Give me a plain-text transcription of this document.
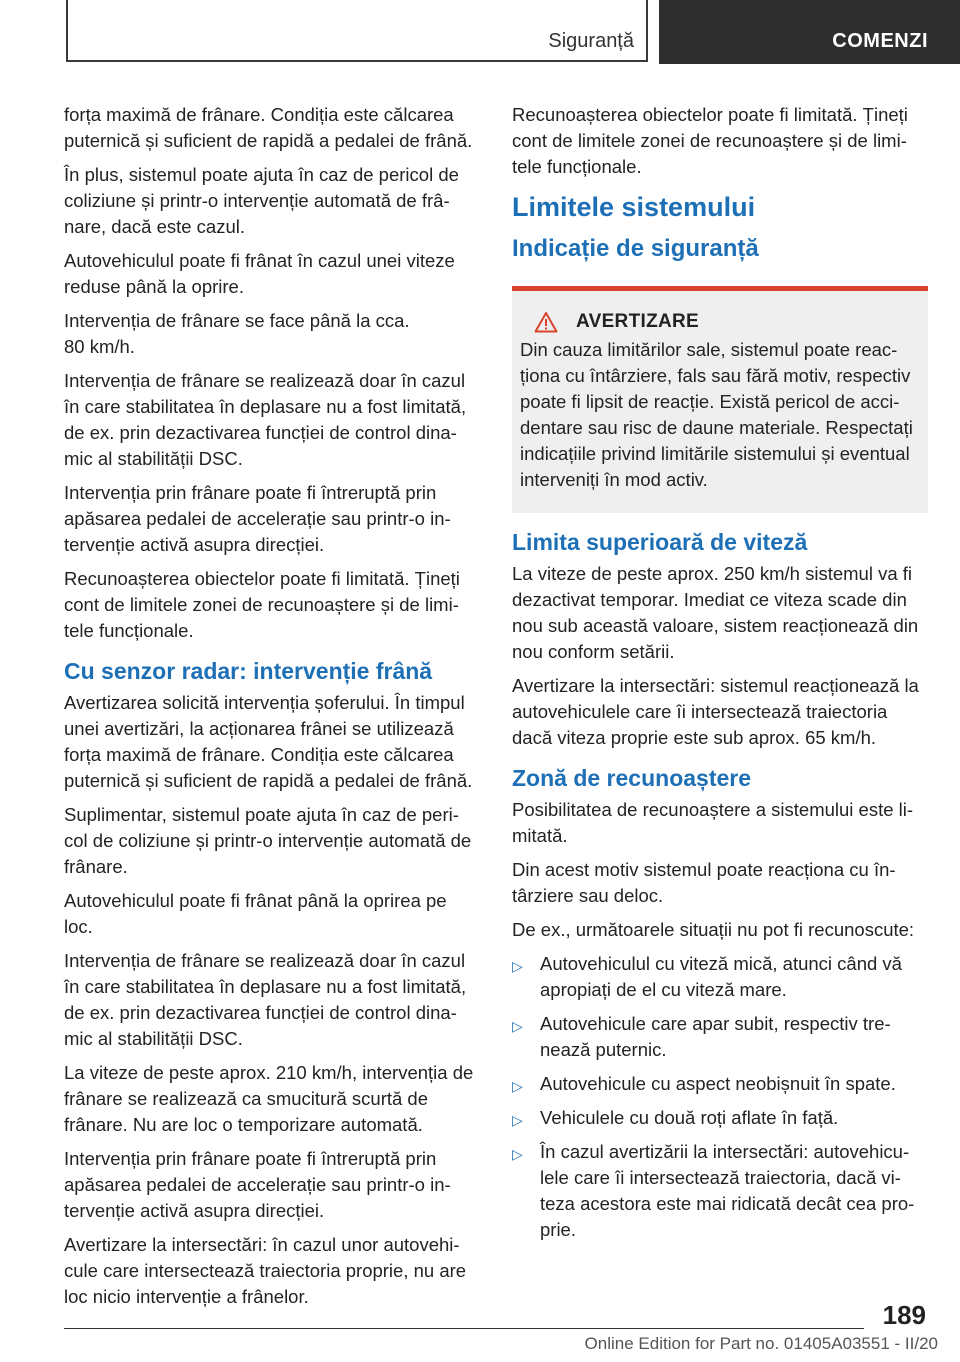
Siguranță	COMENZI

forța maximă de frânare. Condiția este călcarea puternică și suficient de rapidă a pedalei de frână.

În plus, sistemul poate ajuta în caz de pericol de coliziune și printr-o intervenție automată de frâ-nare, dacă este cazul.

Autovehiculul poate fi frânat în cazul unei viteze reduse până la oprire.

Intervenția de frânare se face până la cca.
80 km/h.

Intervenția de frânare se realizează doar în cazul în care stabilitatea în deplasare nu a fost limitată, de ex. prin dezactivarea funcției de control dina-mic al stabilității DSC.

Intervenția prin frânare poate fi întreruptă prin apăsarea pedalei de accelerație sau printr-o in-tervenție activă asupra direcției.

Recunoașterea obiectelor poate fi limitată. Țineți cont de limitele zonei de recunoaștere și de limi-tele funcționale.

Cu senzor radar: intervenție frână

Avertizarea solicită intervenția șoferului. În timpul unei avertizări, la acționarea frânei se utilizează forța maximă de frânare. Condiția este călcarea puternică și suficient de rapidă a pedalei de frână.

Suplimentar, sistemul poate ajuta în caz de peri-col de coliziune și printr-o intervenție automată de frânare.

Autovehiculul poate fi frânat până la oprirea pe loc.

Intervenția de frânare se realizează doar în cazul în care stabilitatea în deplasare nu a fost limitată, de ex. prin dezactivarea funcției de control dina-mic al stabilității DSC.

La viteze de peste aprox. 210 km/h, intervenția de frânare se realizează ca smucitură scurtă de frânare. Nu are loc o temporizare automată.

Intervenția prin frânare poate fi întreruptă prin apăsarea pedalei de accelerație sau printr-o in-tervenție activă asupra direcției.

Avertizare la intersectări: în cazul unor autovehi-cule care intersectează traiectoria proprie, nu are loc nicio intervenție a frânelor.

Recunoașterea obiectelor poate fi limitată. Țineți cont de limitele zonei de recunoaștere și de limi-tele funcționale.

Limitele sistemului
Indicație de siguranță
AVERTIZARE

Din cauza limitărilor sale, sistemul poate reac-ționa cu întârziere, fals sau fără motiv, respectiv poate fi lipsit de reacție. Există pericol de acci-dentare sau risc de daune materiale. Respectați indicațiile privind limitările sistemului și eventual interveniți în mod activ.

Limita superioară de viteză

La viteze de peste aprox. 250 km/h sistemul va fi dezactivat temporar. Imediat ce viteza scade din nou sub această valoare, sistem reacționează din nou conform setării.

Avertizare la intersectări: sistemul reacționează la autovehiculele care îi intersectează traiectoria dacă viteza proprie este sub aprox. 65 km/h.

Zonă de recunoaștere

Posibilitatea de recunoaștere a sistemului este li-mitată.

Din acest motiv sistemul poate reacționa cu în-târziere sau deloc.

De ex., următoarele situații nu pot fi recunoscute:

▷ Autovehiculul cu viteză mică, atunci când vă apropiați de el cu viteză mare.
▷ Autovehicule care apar subit, respectiv tre-nează puternic.
▷ Autovehicule cu aspect neobișnuit în spate.
▷ Vehiculele cu două roți aflate în față.
▷ În cazul avertizării la intersectări: autovehicu-lele care îi intersectează traiectoria, dacă vi-teza acestora este mai ridicată decât cea pro-prie.
189
Online Edition for Part no. 01405A03551 - II/20
